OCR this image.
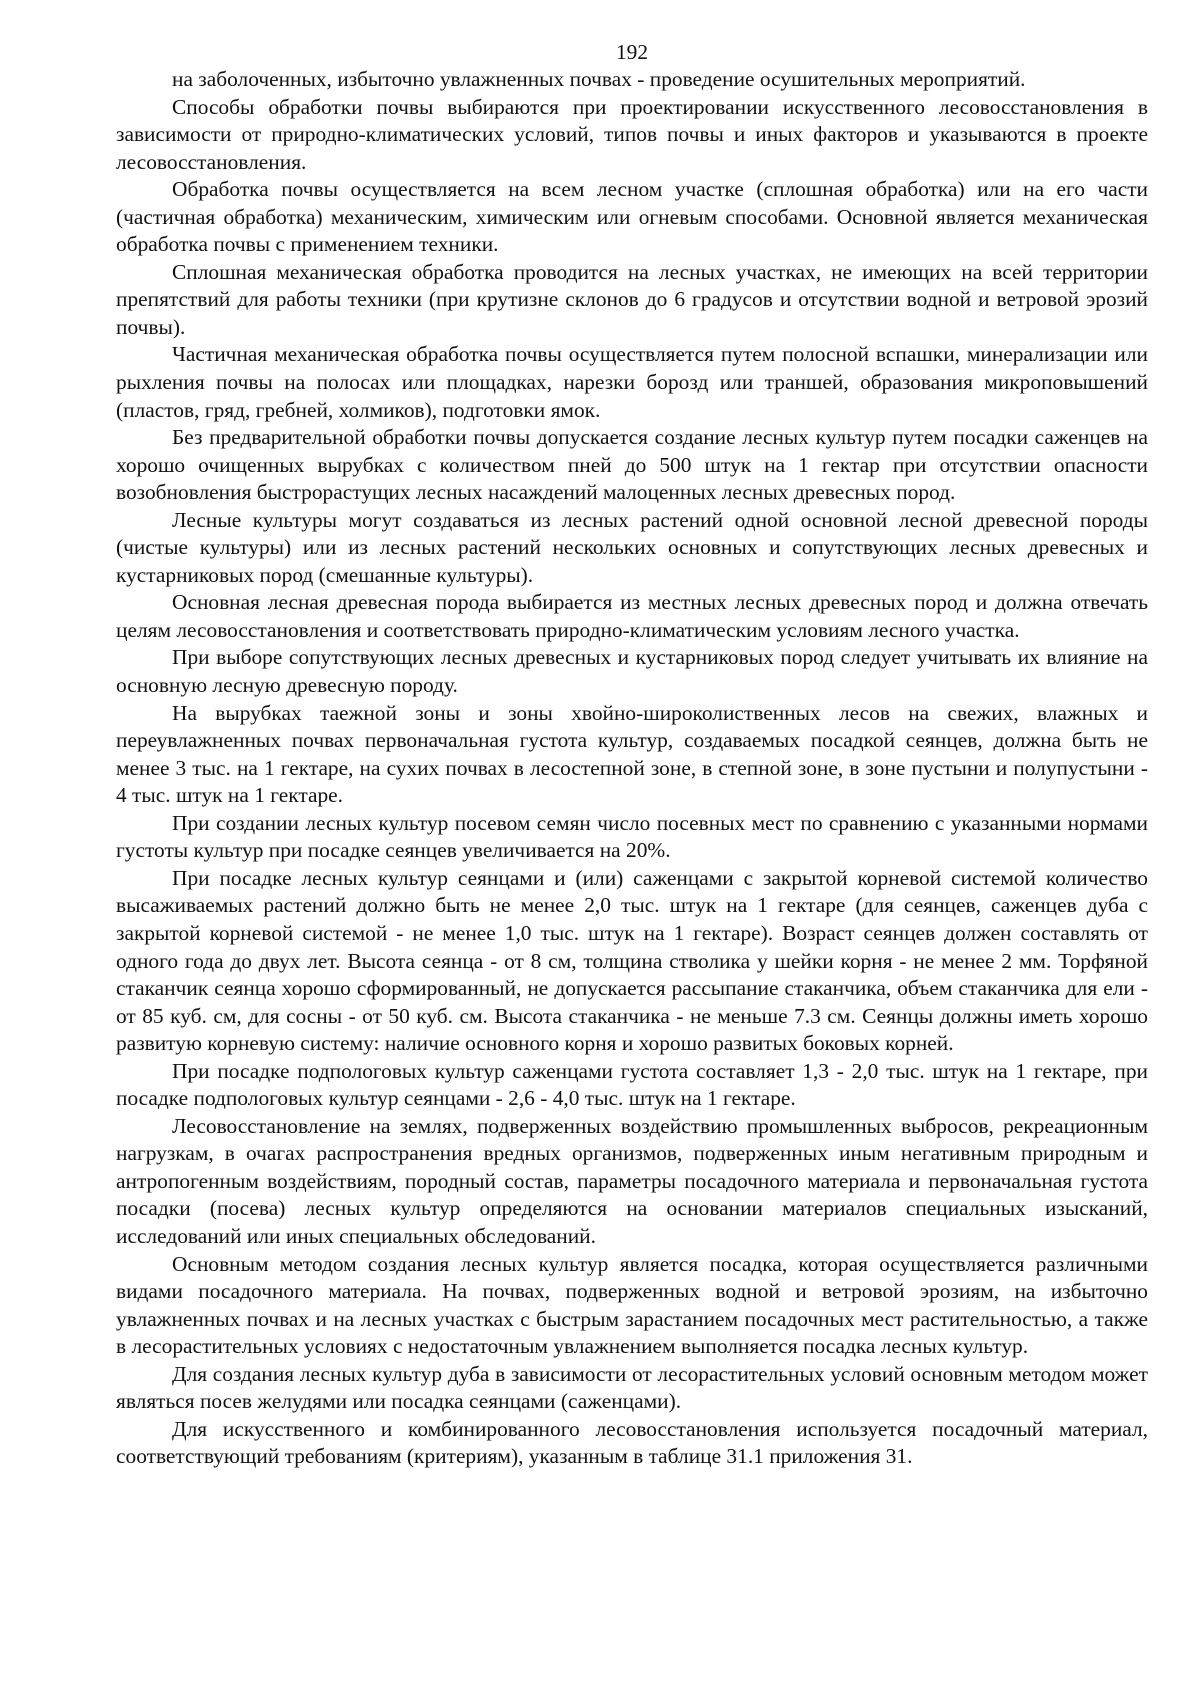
192

на заболоченных, избыточно увлажненных почвах - проведение осушительных мероприятий.

Способы обработки почвы выбираются при проектировании искусственного лесовосстановления в зависимости от природно-климатических условий, типов почвы и иных факторов и указываются в проекте лесовосстановления.

Обработка почвы осуществляется на всем лесном участке (сплошная обработка) или на его части (частичная обработка) механическим, химическим или огневым способами. Основной является механическая обработка почвы с применением техники.

Сплошная механическая обработка проводится на лесных участках, не имеющих на всей территории препятствий для работы техники (при крутизне склонов до 6 градусов и отсутствии водной и ветровой эрозий почвы).

Частичная механическая обработка почвы осуществляется путем полосной вспашки, минерализации или рыхления почвы на полосах или площадках, нарезки борозд или траншей, образования микроповышений (пластов, гряд, гребней, холмиков), подготовки ямок.

Без предварительной обработки почвы допускается создание лесных культур путем посадки саженцев на хорошо очищенных вырубках с количеством пней до 500 штук на 1 гектар при отсутствии опасности возобновления быстрорастущих лесных насаждений малоценных лесных древесных пород.

Лесные культуры могут создаваться из лесных растений одной основной лесной древесной породы (чистые культуры) или из лесных растений нескольких основных и сопутствующих лесных древесных и кустарниковых пород (смешанные культуры).

Основная лесная древесная порода выбирается из местных лесных древесных пород и должна отвечать целям лесовосстановления и соответствовать природно-климатическим условиям лесного участка.

При выборе сопутствующих лесных древесных и кустарниковых пород следует учитывать их влияние на основную лесную древесную породу.

На вырубках таежной зоны и зоны хвойно-широколиственных лесов на свежих, влажных и переувлажненных почвах первоначальная густота культур, создаваемых посадкой сеянцев, должна быть не менее 3 тыс. на 1 гектаре, на сухих почвах в лесостепной зоне, в степной зоне, в зоне пустыни и полупустыни - 4 тыс. штук на 1 гектаре.

При создании лесных культур посевом семян число посевных мест по сравнению с указанными нормами густоты культур при посадке сеянцев увеличивается на 20%.

При посадке лесных культур сеянцами и (или) саженцами с закрытой корневой системой количество высаживаемых растений должно быть не менее 2,0 тыс. штук на 1 гектаре (для сеянцев, саженцев дуба с закрытой корневой системой - не менее 1,0 тыс. штук на 1 гектаре). Возраст сеянцев должен составлять от одного года до двух лет. Высота сеянца - от 8 см, толщина стволика у шейки корня - не менее 2 мм. Торфяной стаканчик сеянца хорошо сформированный, не допускается рассыпание стаканчика, объем стаканчика для ели - от 85 куб. см, для сосны - от 50 куб. см. Высота стаканчика - не меньше 7.3 см. Сеянцы должны иметь хорошо развитую корневую систему: наличие основного корня и хорошо развитых боковых корней.

При посадке подпологовых культур саженцами густота составляет 1,3 - 2,0 тыс. штук на 1 гектаре, при посадке подпологовых культур сеянцами - 2,6 - 4,0 тыс. штук на 1 гектаре.

Лесовосстановление на землях, подверженных воздействию промышленных выбросов, рекреационным нагрузкам, в очагах распространения вредных организмов, подверженных иным негативным природным и антропогенным воздействиям, породный состав, параметры посадочного материала и первоначальная густота посадки (посева) лесных культур определяются на основании материалов специальных изысканий, исследований или иных специальных обследований.

Основным методом создания лесных культур является посадка, которая осуществляется различными видами посадочного материала. На почвах, подверженных водной и ветровой эрозиям, на избыточно увлажненных почвах и на лесных участках с быстрым зарастанием посадочных мест растительностью, а также в лесорастительных условиях с недостаточным увлажнением выполняется посадка лесных культур.

Для создания лесных культур дуба в зависимости от лесорастительных условий основным методом может являться посев желудями или посадка сеянцами (саженцами).

Для искусственного и комбинированного лесовосстановления используется посадочный материал, соответствующий требованиям (критериям), указанным в таблице 31.1 приложения 31.
